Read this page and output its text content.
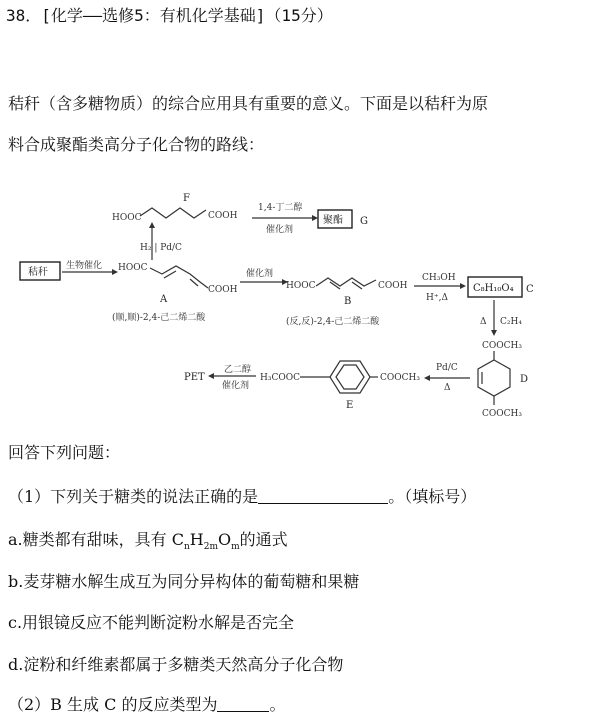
38．[化学——选修5：有机化学基础]（15分）
秸秆（含多糖物质）的综合应用具有重要的意义。下面是以秸秆为原
料合成聚酯类高分子化合物的路线：
F
HOOC	COOH
1,4-丁二醇
催化剂
聚酯 G
H₂ | Pd/C
秸秆
生物催化 HOOC
COOH
A
(顺,顺)-2,4-己二烯二酸
催化剂
HOOC	COOH
B
(反,反)-2,4-己二烯二酸
CH₃OH
H⁺,Δ
C₈H₁₀O₄ C
Δ C₂H₄
COOCH₃
COOCH₃
D
Pd/C
Δ
H₃COOC	COOCH₃
E
乙二醇
催化剂
PET
回答下列问题：
（1）下列关于糖类的说法正确的是	。（填标号）
a.糖类都有甜味，具有 $C_nH_{2m}O_m$的通式
b.麦芽糖水解生成互为同分异构体的葡萄糖和果糖
c.用银镜反应不能判断淀粉水解是否完全
d.淀粉和纤维素都属于多糖类天然高分子化合物
（2）B 生成 C 的反应类型为	。
